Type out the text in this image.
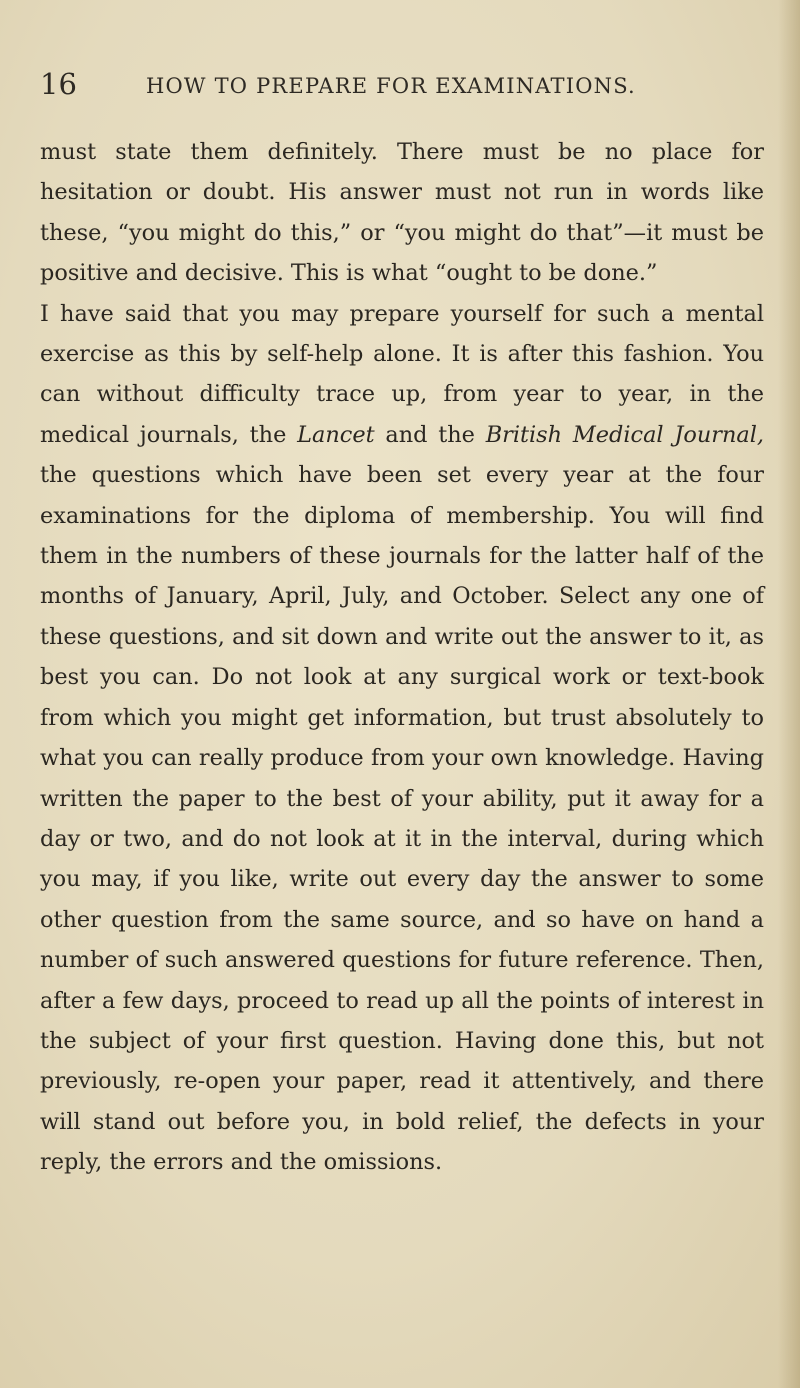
16	HOW TO PREPARE FOR EXAMINATIONS.

must state them definitely. There must be no place for hesitation or doubt. His answer must not run in words like these, “you might do this,” or “you might do that”—it must be positive and decisive. This is what “ought to be done.”

I have said that you may prepare yourself for such a mental exercise as this by self-help alone. It is after this fashion. You can without difficulty trace up, from year to year, in the medical journals, the Lancet and the British Medical Journal, the questions which have been set every year at the four examinations for the diploma of membership. You will find them in the numbers of these journals for the latter half of the months of January, April, July, and October. Select any one of these questions, and sit down and write out the answer to it, as best you can. Do not look at any surgical work or text-book from which you might get information, but trust absolutely to what you can really produce from your own knowledge. Having written the paper to the best of your ability, put it away for a day or two, and do not look at it in the interval, during which you may, if you like, write out every day the answer to some other question from the same source, and so have on hand a number of such answered questions for future reference. Then, after a few days, proceed to read up all the points of interest in the subject of your first question. Having done this, but not previously, re-open your paper, read it attentively, and there will stand out before you, in bold relief, the defects in your reply, the errors and the omissions.
